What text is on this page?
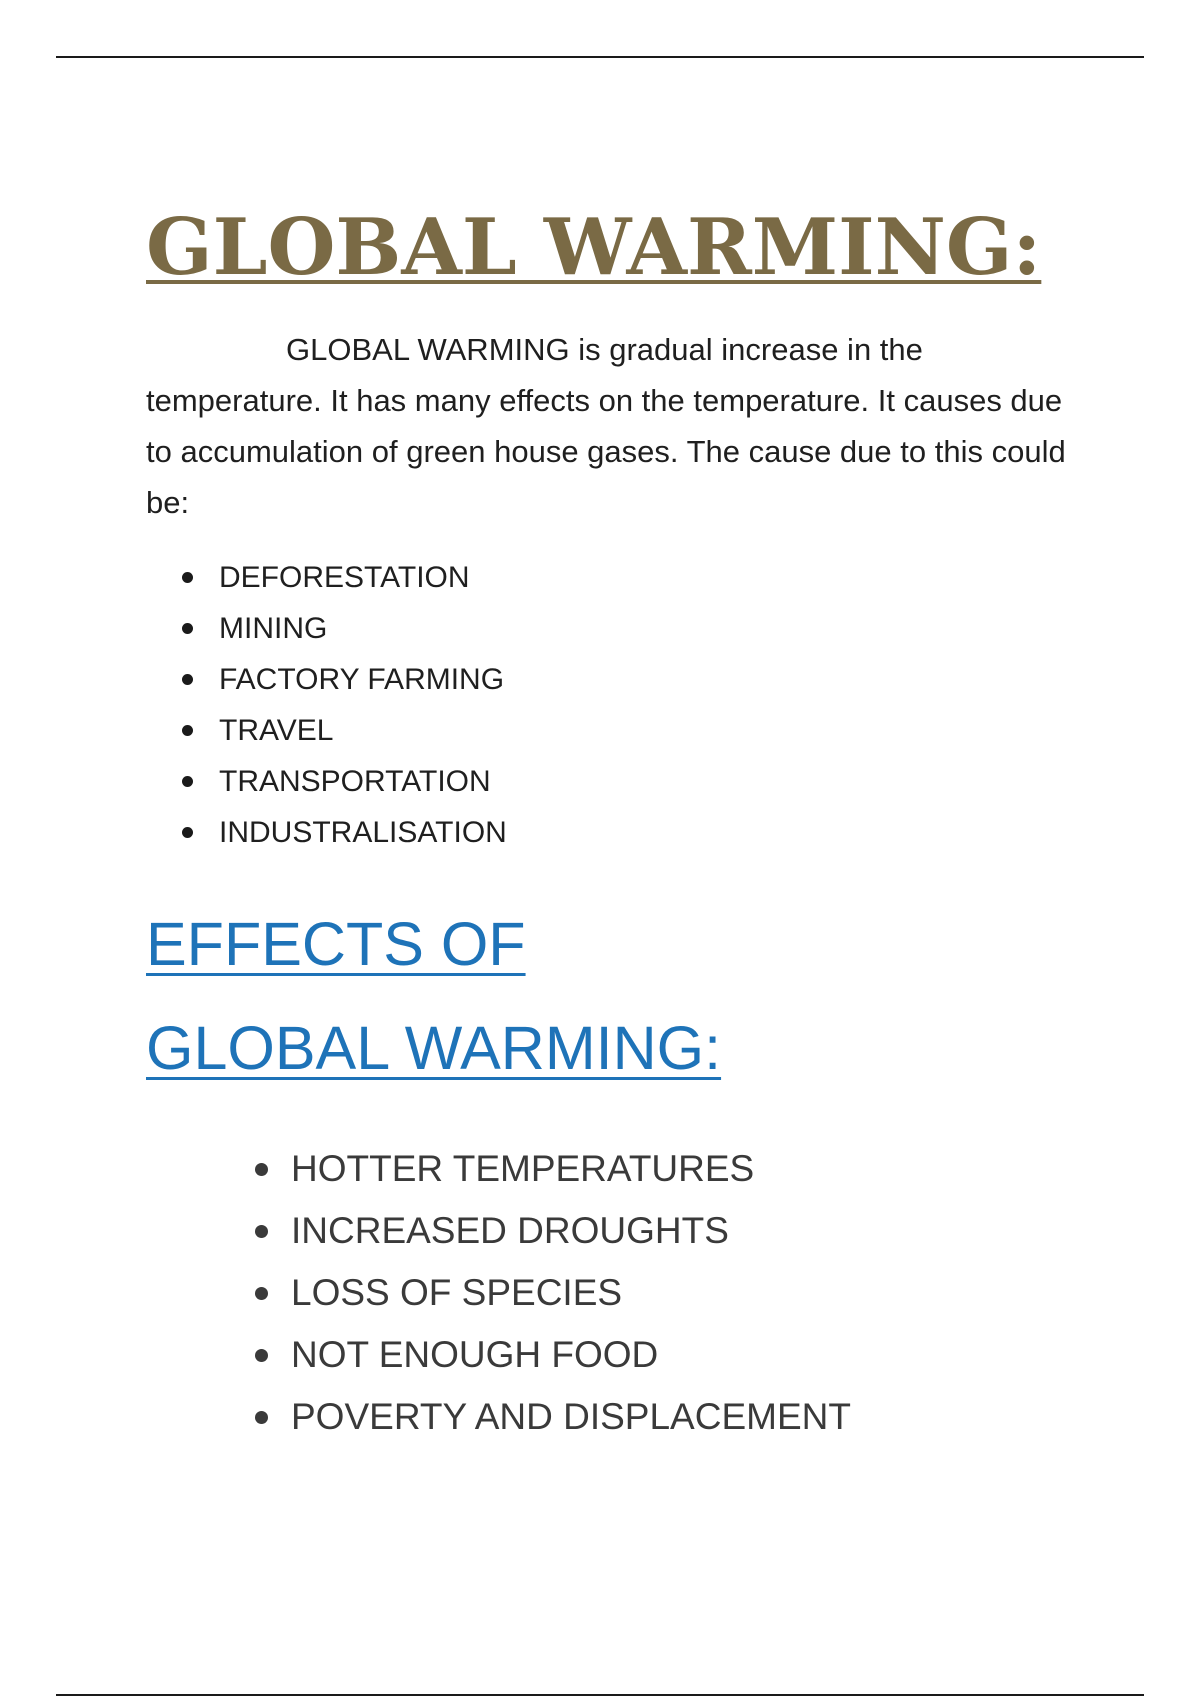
GLOBAL WARMING:

GLOBAL WARMING is gradual increase in the
temperature. It has many effects on the temperature. It causes due to accumulation of green house gases. The cause due to this could be:

DEFORESTATION
MINING
FACTORY FARMING
TRAVEL
TRANSPORTATION
INDUSTRALISATION
EFFECTS OF GLOBAL WARMING:
HOTTER TEMPERATURES
INCREASED DROUGHTS
LOSS OF SPECIES
NOT ENOUGH FOOD
POVERTY AND DISPLACEMENT
